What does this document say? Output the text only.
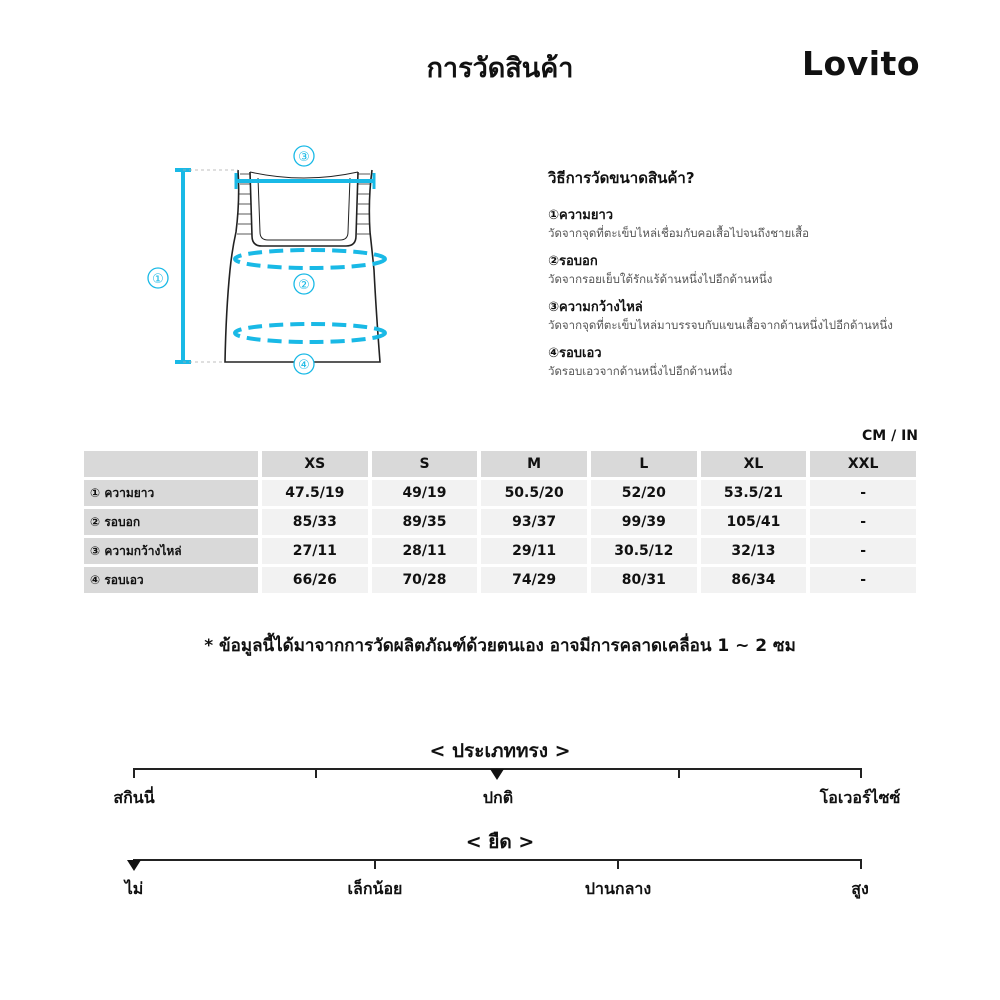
การวัดสินค้า	Lovito
①	②
③
④
วิธีการวัดขนาดสินค้า?
①ความยาว
วัดจากจุดที่ตะเข็บไหล่เชื่อมกับคอเสื้อไปจนถึงชายเสื้อ
②รอบอก
วัดจากรอยเย็บใต้รักแร้ด้านหนึ่งไปอีกด้านหนึ่ง
③ความกว้างไหล่
วัดจากจุดที่ตะเข็บไหล่มาบรรจบกับแขนเสื้อจากด้านหนึ่งไปอีกด้านหนึ่ง
④รอบเอว
วัดรอบเอวจากด้านหนึ่งไปอีกด้านหนึ่ง
CM / IN
	XS	S	M	L	XL	XXL
① ความยาว	47.5/19	49/19	50.5/20	52/20	53.5/21	-
② รอบอก	85/33	89/35	93/37	99/39	105/41	-
③ ความกว้างไหล่	27/11	28/11	29/11	30.5/12	32/13	-
④ รอบเอว	66/26	70/28	74/29	80/31	86/34	-
* ข้อมูลนี้ได้มาจากการวัดผลิตภัณฑ์ด้วยตนเอง อาจมีการคลาดเคลื่อน 1 ~ 2 ซม
< ประเภททรง >
สกินนี่	ปกติ	โอเวอร์ไซซ์
< ยืด >
ไม่	เล็กน้อย	ปานกลาง	สูง
